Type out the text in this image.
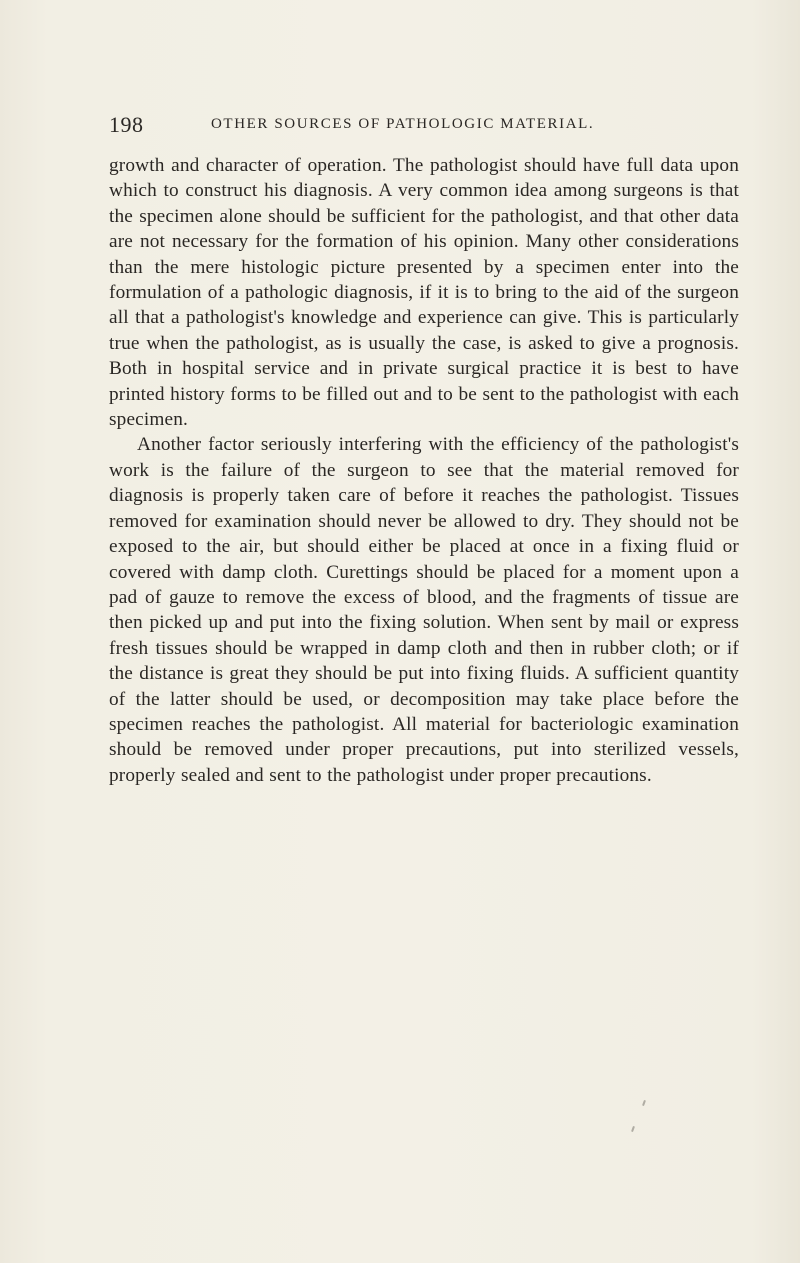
198	OTHER SOURCES OF PATHOLOGIC MATERIAL.

growth and character of operation. The pathologist should have full data upon which to construct his diagnosis. A very common idea among surgeons is that the specimen alone should be sufficient for the pathologist, and that other data are not necessary for the formation of his opinion. Many other considerations than the mere histologic picture presented by a specimen enter into the formulation of a pathologic diagnosis, if it is to bring to the aid of the surgeon all that a pathologist's knowledge and experience can give. This is particularly true when the pathologist, as is usually the case, is asked to give a prognosis. Both in hospital service and in private surgical practice it is best to have printed history forms to be filled out and to be sent to the pathologist with each specimen.

Another factor seriously interfering with the efficiency of the pathologist's work is the failure of the surgeon to see that the material removed for diagnosis is properly taken care of before it reaches the pathologist. Tissues removed for examination should never be allowed to dry. They should not be exposed to the air, but should either be placed at once in a fixing fluid or covered with damp cloth. Curettings should be placed for a moment upon a pad of gauze to remove the excess of blood, and the fragments of tissue are then picked up and put into the fixing solution. When sent by mail or express fresh tissues should be wrapped in damp cloth and then in rubber cloth; or if the distance is great they should be put into fixing fluids. A sufficient quantity of the latter should be used, or decomposition may take place before the specimen reaches the pathologist. All material for bacteriologic examination should be removed under proper precautions, put into sterilized vessels, properly sealed and sent to the pathologist under proper precautions.
